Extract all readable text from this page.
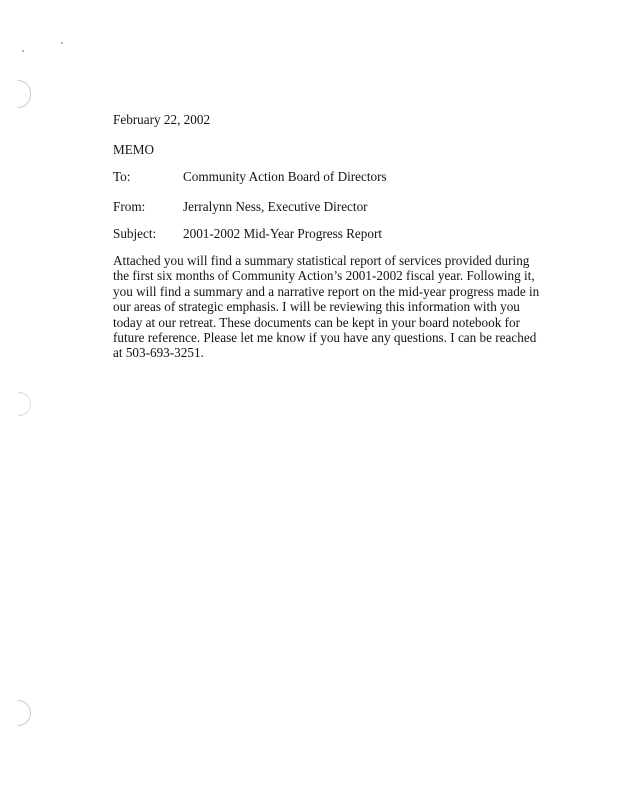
February 22, 2002
MEMO
To:	Community Action Board of Directors
From:	Jerralynn Ness, Executive Director
Subject: 2001-2002 Mid-Year Progress Report
Attached you will find a summary statistical report of services provided during
the first six months of Community Action’s 2001-2002 fiscal year. Following it,
you will find a summary and a narrative report on the mid-year progress made in
our areas of strategic emphasis. I will be reviewing this information with you
today at our retreat. These documents can be kept in your board notebook for
future reference. Please let me know if you have any questions. I can be reached
at 503-693-3251.
